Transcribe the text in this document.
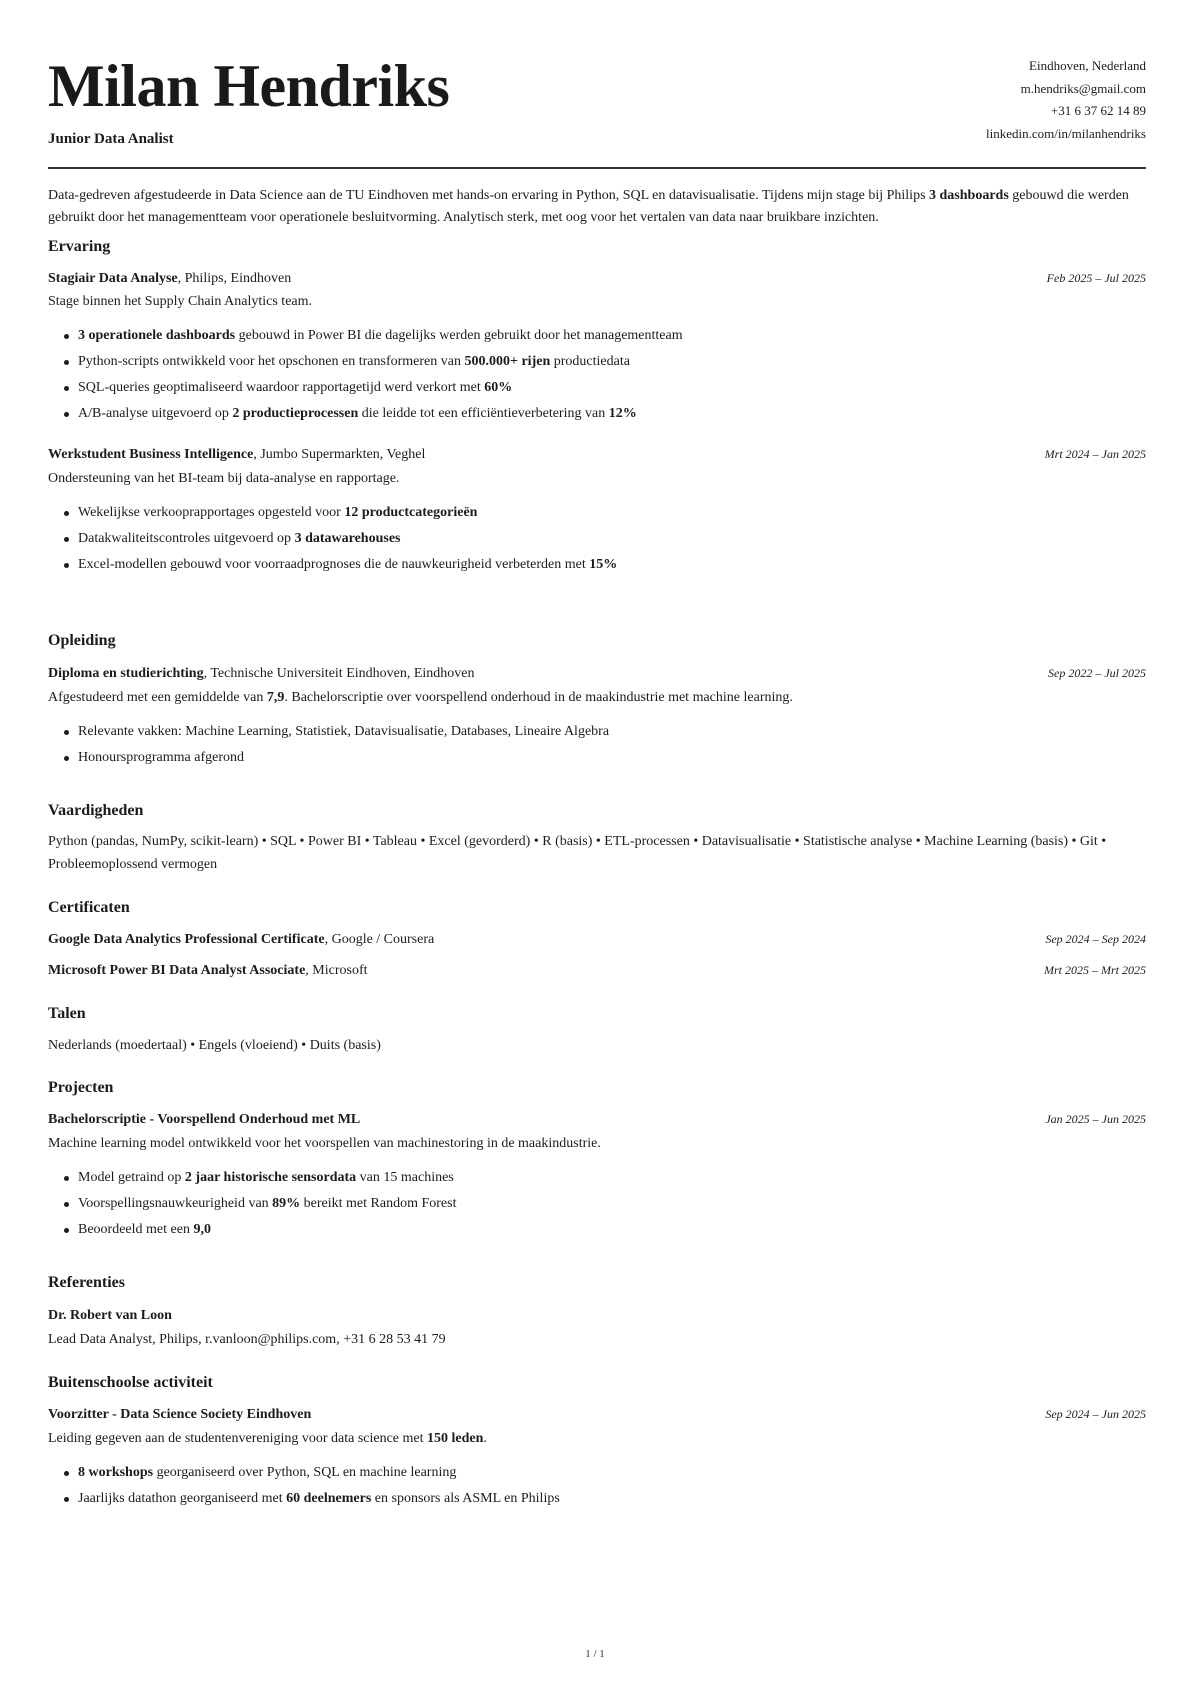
Milan Hendriks
Junior Data Analist
Eindhoven, Nederland
m.hendriks@gmail.com
+31 6 37 62 14 89
linkedin.com/in/milanhendriks
Data-gedreven afgestudeerde in Data Science aan de TU Eindhoven met hands-on ervaring in Python, SQL en datavisualisatie. Tijdens mijn stage bij Philips 3 dashboards gebouwd die werden gebruikt door het managementteam voor operationele besluitvorming. Analytisch sterk, met oog voor het vertalen van data naar bruikbare inzichten.
Ervaring
Stagiair Data Analyse, Philips, Eindhoven	Feb 2025 – Jul 2025
Stage binnen het Supply Chain Analytics team.
3 operationele dashboards gebouwd in Power BI die dagelijks werden gebruikt door het managementteam
Python-scripts ontwikkeld voor het opschonen en transformeren van 500.000+ rijen productiedata
SQL-queries geoptimaliseerd waardoor rapportagetijd werd verkort met 60%
A/B-analyse uitgevoerd op 2 productieprocessen die leidde tot een efficiëntieverbetering van 12%
Werkstudent Business Intelligence, Jumbo Supermarkten, Veghel	Mrt 2024 – Jan 2025
Ondersteuning van het BI-team bij data-analyse en rapportage.
Wekelijkse verkooprapportages opgesteld voor 12 productcategorieën
Datakwaliteitscontroles uitgevoerd op 3 datawarehouses
Excel-modellen gebouwd voor voorraadprognoses die de nauwkeurigheid verbeterden met 15%
Opleiding
Diploma en studierichting, Technische Universiteit Eindhoven, Eindhoven	Sep 2022 – Jul 2025
Afgestudeerd met een gemiddelde van 7,9. Bachelorscriptie over voorspellend onderhoud in de maakindustrie met machine learning.
Relevante vakken: Machine Learning, Statistiek, Datavisualisatie, Databases, Lineaire Algebra
Honoursprogramma afgerond
Vaardigheden
Python (pandas, NumPy, scikit-learn) • SQL • Power BI • Tableau • Excel (gevorderd) • R (basis) • ETL-processen • Datavisualisatie • Statistische analyse • Machine Learning (basis) • Git • Probleemoplossend vermogen
Certificaten
Google Data Analytics Professional Certificate, Google / Coursera	Sep 2024 – Sep 2024
Microsoft Power BI Data Analyst Associate, Microsoft	Mrt 2025 – Mrt 2025
Talen
Nederlands (moedertaal) • Engels (vloeiend) • Duits (basis)
Projecten
Bachelorscriptie - Voorspellend Onderhoud met ML	Jan 2025 – Jun 2025
Machine learning model ontwikkeld voor het voorspellen van machinestoring in de maakindustrie.
Model getraind op 2 jaar historische sensordata van 15 machines
Voorspellingsnauwkeurigheid van 89% bereikt met Random Forest
Beoordeeld met een 9,0
Referenties
Dr. Robert van Loon
Lead Data Analyst, Philips, r.vanloon@philips.com, +31 6 28 53 41 79
Buitenschoolse activiteit
Voorzitter - Data Science Society Eindhoven	Sep 2024 – Jun 2025
Leiding gegeven aan de studentenvereniging voor data science met 150 leden.
8 workshops georganiseerd over Python, SQL en machine learning
Jaarlijks datathon georganiseerd met 60 deelnemers en sponsors als ASML en Philips
1 / 1
